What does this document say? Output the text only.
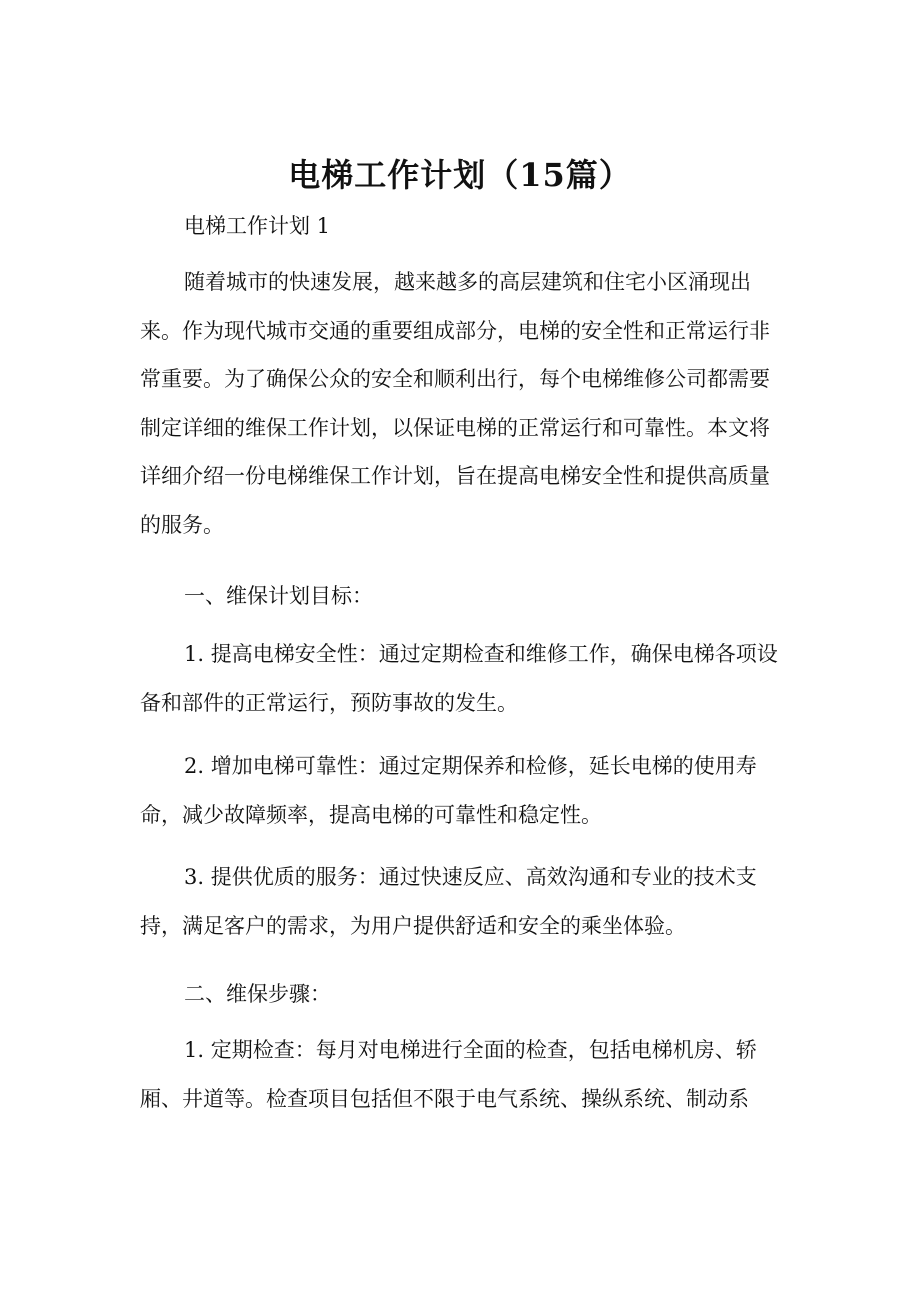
电梯工作计划（15篇）
电梯工作计划 1
随着城市的快速发展，越来越多的高层建筑和住宅小区涌现出来。作为现代城市交通的重要组成部分，电梯的安全性和正常运行非常重要。为了确保公众的安全和顺利出行，每个电梯维修公司都需要制定详细的维保工作计划，以保证电梯的正常运行和可靠性。本文将详细介绍一份电梯维保工作计划，旨在提高电梯安全性和提供高质量的服务。
一、维保计划目标：
1. 提高电梯安全性：通过定期检查和维修工作，确保电梯各项设备和部件的正常运行，预防事故的发生。
2. 增加电梯可靠性：通过定期保养和检修，延长电梯的使用寿命，减少故障频率，提高电梯的可靠性和稳定性。
3. 提供优质的服务：通过快速反应、高效沟通和专业的技术支持，满足客户的需求，为用户提供舒适和安全的乘坐体验。
二、维保步骤：
1. 定期检查：每月对电梯进行全面的检查，包括电梯机房、轿厢、井道等。检查项目包括但不限于电气系统、操纵系统、制动系
